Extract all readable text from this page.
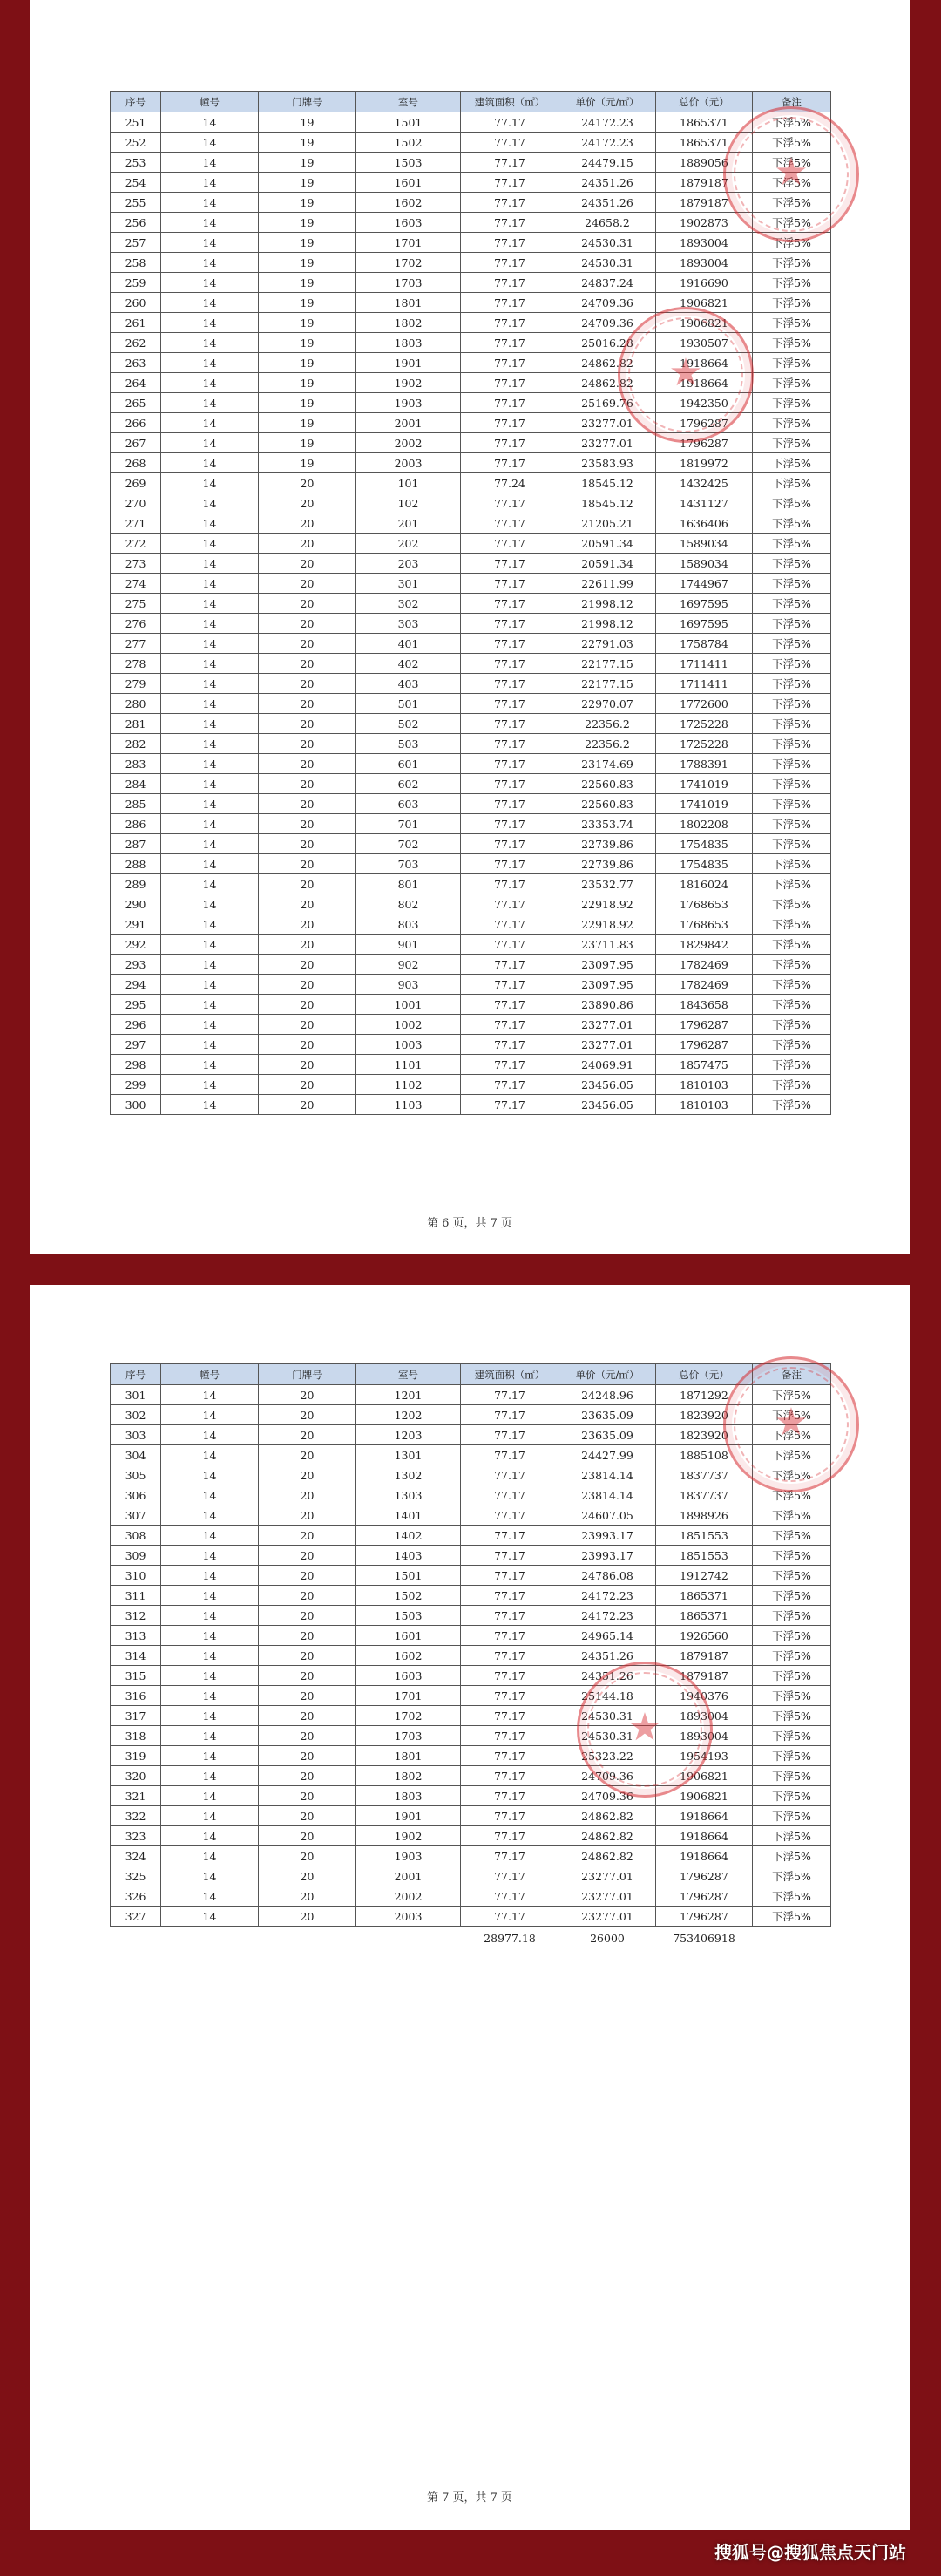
序号	幢号	门牌号	室号	建筑面积（㎡）	单价（元/㎡）	总价（元）	备注
251	14	19	1501	77.17	24172.23	1865371	下浮5%
252	14	19	1502	77.17	24172.23	1865371	下浮5%
253	14	19	1503	77.17	24479.15	1889056	下浮5%
254	14	19	1601	77.17	24351.26	1879187	下浮5%
255	14	19	1602	77.17	24351.26	1879187	下浮5%
256	14	19	1603	77.17	24658.2	1902873	下浮5%
257	14	19	1701	77.17	24530.31	1893004	下浮5%
258	14	19	1702	77.17	24530.31	1893004	下浮5%
259	14	19	1703	77.17	24837.24	1916690	下浮5%
260	14	19	1801	77.17	24709.36	1906821	下浮5%
261	14	19	1802	77.17	24709.36	1906821	下浮5%
262	14	19	1803	77.17	25016.28	1930507	下浮5%
263	14	19	1901	77.17	24862.82	1918664	下浮5%
264	14	19	1902	77.17	24862.82	1918664	下浮5%
265	14	19	1903	77.17	25169.76	1942350	下浮5%
266	14	19	2001	77.17	23277.01	1796287	下浮5%
267	14	19	2002	77.17	23277.01	1796287	下浮5%
268	14	19	2003	77.17	23583.93	1819972	下浮5%
269	14	20	101	77.24	18545.12	1432425	下浮5%
270	14	20	102	77.17	18545.12	1431127	下浮5%
271	14	20	201	77.17	21205.21	1636406	下浮5%
272	14	20	202	77.17	20591.34	1589034	下浮5%
273	14	20	203	77.17	20591.34	1589034	下浮5%
274	14	20	301	77.17	22611.99	1744967	下浮5%
275	14	20	302	77.17	21998.12	1697595	下浮5%
276	14	20	303	77.17	21998.12	1697595	下浮5%
277	14	20	401	77.17	22791.03	1758784	下浮5%
278	14	20	402	77.17	22177.15	1711411	下浮5%
279	14	20	403	77.17	22177.15	1711411	下浮5%
280	14	20	501	77.17	22970.07	1772600	下浮5%
281	14	20	502	77.17	22356.2	1725228	下浮5%
282	14	20	503	77.17	22356.2	1725228	下浮5%
283	14	20	601	77.17	23174.69	1788391	下浮5%
284	14	20	602	77.17	22560.83	1741019	下浮5%
285	14	20	603	77.17	22560.83	1741019	下浮5%
286	14	20	701	77.17	23353.74	1802208	下浮5%
287	14	20	702	77.17	22739.86	1754835	下浮5%
288	14	20	703	77.17	22739.86	1754835	下浮5%
289	14	20	801	77.17	23532.77	1816024	下浮5%
290	14	20	802	77.17	22918.92	1768653	下浮5%
291	14	20	803	77.17	22918.92	1768653	下浮5%
292	14	20	901	77.17	23711.83	1829842	下浮5%
293	14	20	902	77.17	23097.95	1782469	下浮5%
294	14	20	903	77.17	23097.95	1782469	下浮5%
295	14	20	1001	77.17	23890.86	1843658	下浮5%
296	14	20	1002	77.17	23277.01	1796287	下浮5%
297	14	20	1003	77.17	23277.01	1796287	下浮5%
298	14	20	1101	77.17	24069.91	1857475	下浮5%
299	14	20	1102	77.17	23456.05	1810103	下浮5%
300	14	20	1103	77.17	23456.05	1810103	下浮5%
★
★
第 6 页，共 7 页
序号	幢号	门牌号	室号	建筑面积（㎡）	单价（元/㎡）	总价（元）	备注
301	14	20	1201	77.17	24248.96	1871292	下浮5%
302	14	20	1202	77.17	23635.09	1823920	下浮5%
303	14	20	1203	77.17	23635.09	1823920	下浮5%
304	14	20	1301	77.17	24427.99	1885108	下浮5%
305	14	20	1302	77.17	23814.14	1837737	下浮5%
306	14	20	1303	77.17	23814.14	1837737	下浮5%
307	14	20	1401	77.17	24607.05	1898926	下浮5%
308	14	20	1402	77.17	23993.17	1851553	下浮5%
309	14	20	1403	77.17	23993.17	1851553	下浮5%
310	14	20	1501	77.17	24786.08	1912742	下浮5%
311	14	20	1502	77.17	24172.23	1865371	下浮5%
312	14	20	1503	77.17	24172.23	1865371	下浮5%
313	14	20	1601	77.17	24965.14	1926560	下浮5%
314	14	20	1602	77.17	24351.26	1879187	下浮5%
315	14	20	1603	77.17	24351.26	1879187	下浮5%
316	14	20	1701	77.17	25144.18	1940376	下浮5%
317	14	20	1702	77.17	24530.31	1893004	下浮5%
318	14	20	1703	77.17	24530.31	1893004	下浮5%
319	14	20	1801	77.17	25323.22	1954193	下浮5%
320	14	20	1802	77.17	24709.36	1906821	下浮5%
321	14	20	1803	77.17	24709.36	1906821	下浮5%
322	14	20	1901	77.17	24862.82	1918664	下浮5%
323	14	20	1902	77.17	24862.82	1918664	下浮5%
324	14	20	1903	77.17	24862.82	1918664	下浮5%
325	14	20	2001	77.17	23277.01	1796287	下浮5%
326	14	20	2002	77.17	23277.01	1796287	下浮5%
327	14	20	2003	77.17	23277.01	1796287	下浮5%
				28977.18	26000	753406918	
★
★
第 7 页，共 7 页
搜狐号@搜狐焦点天门站
